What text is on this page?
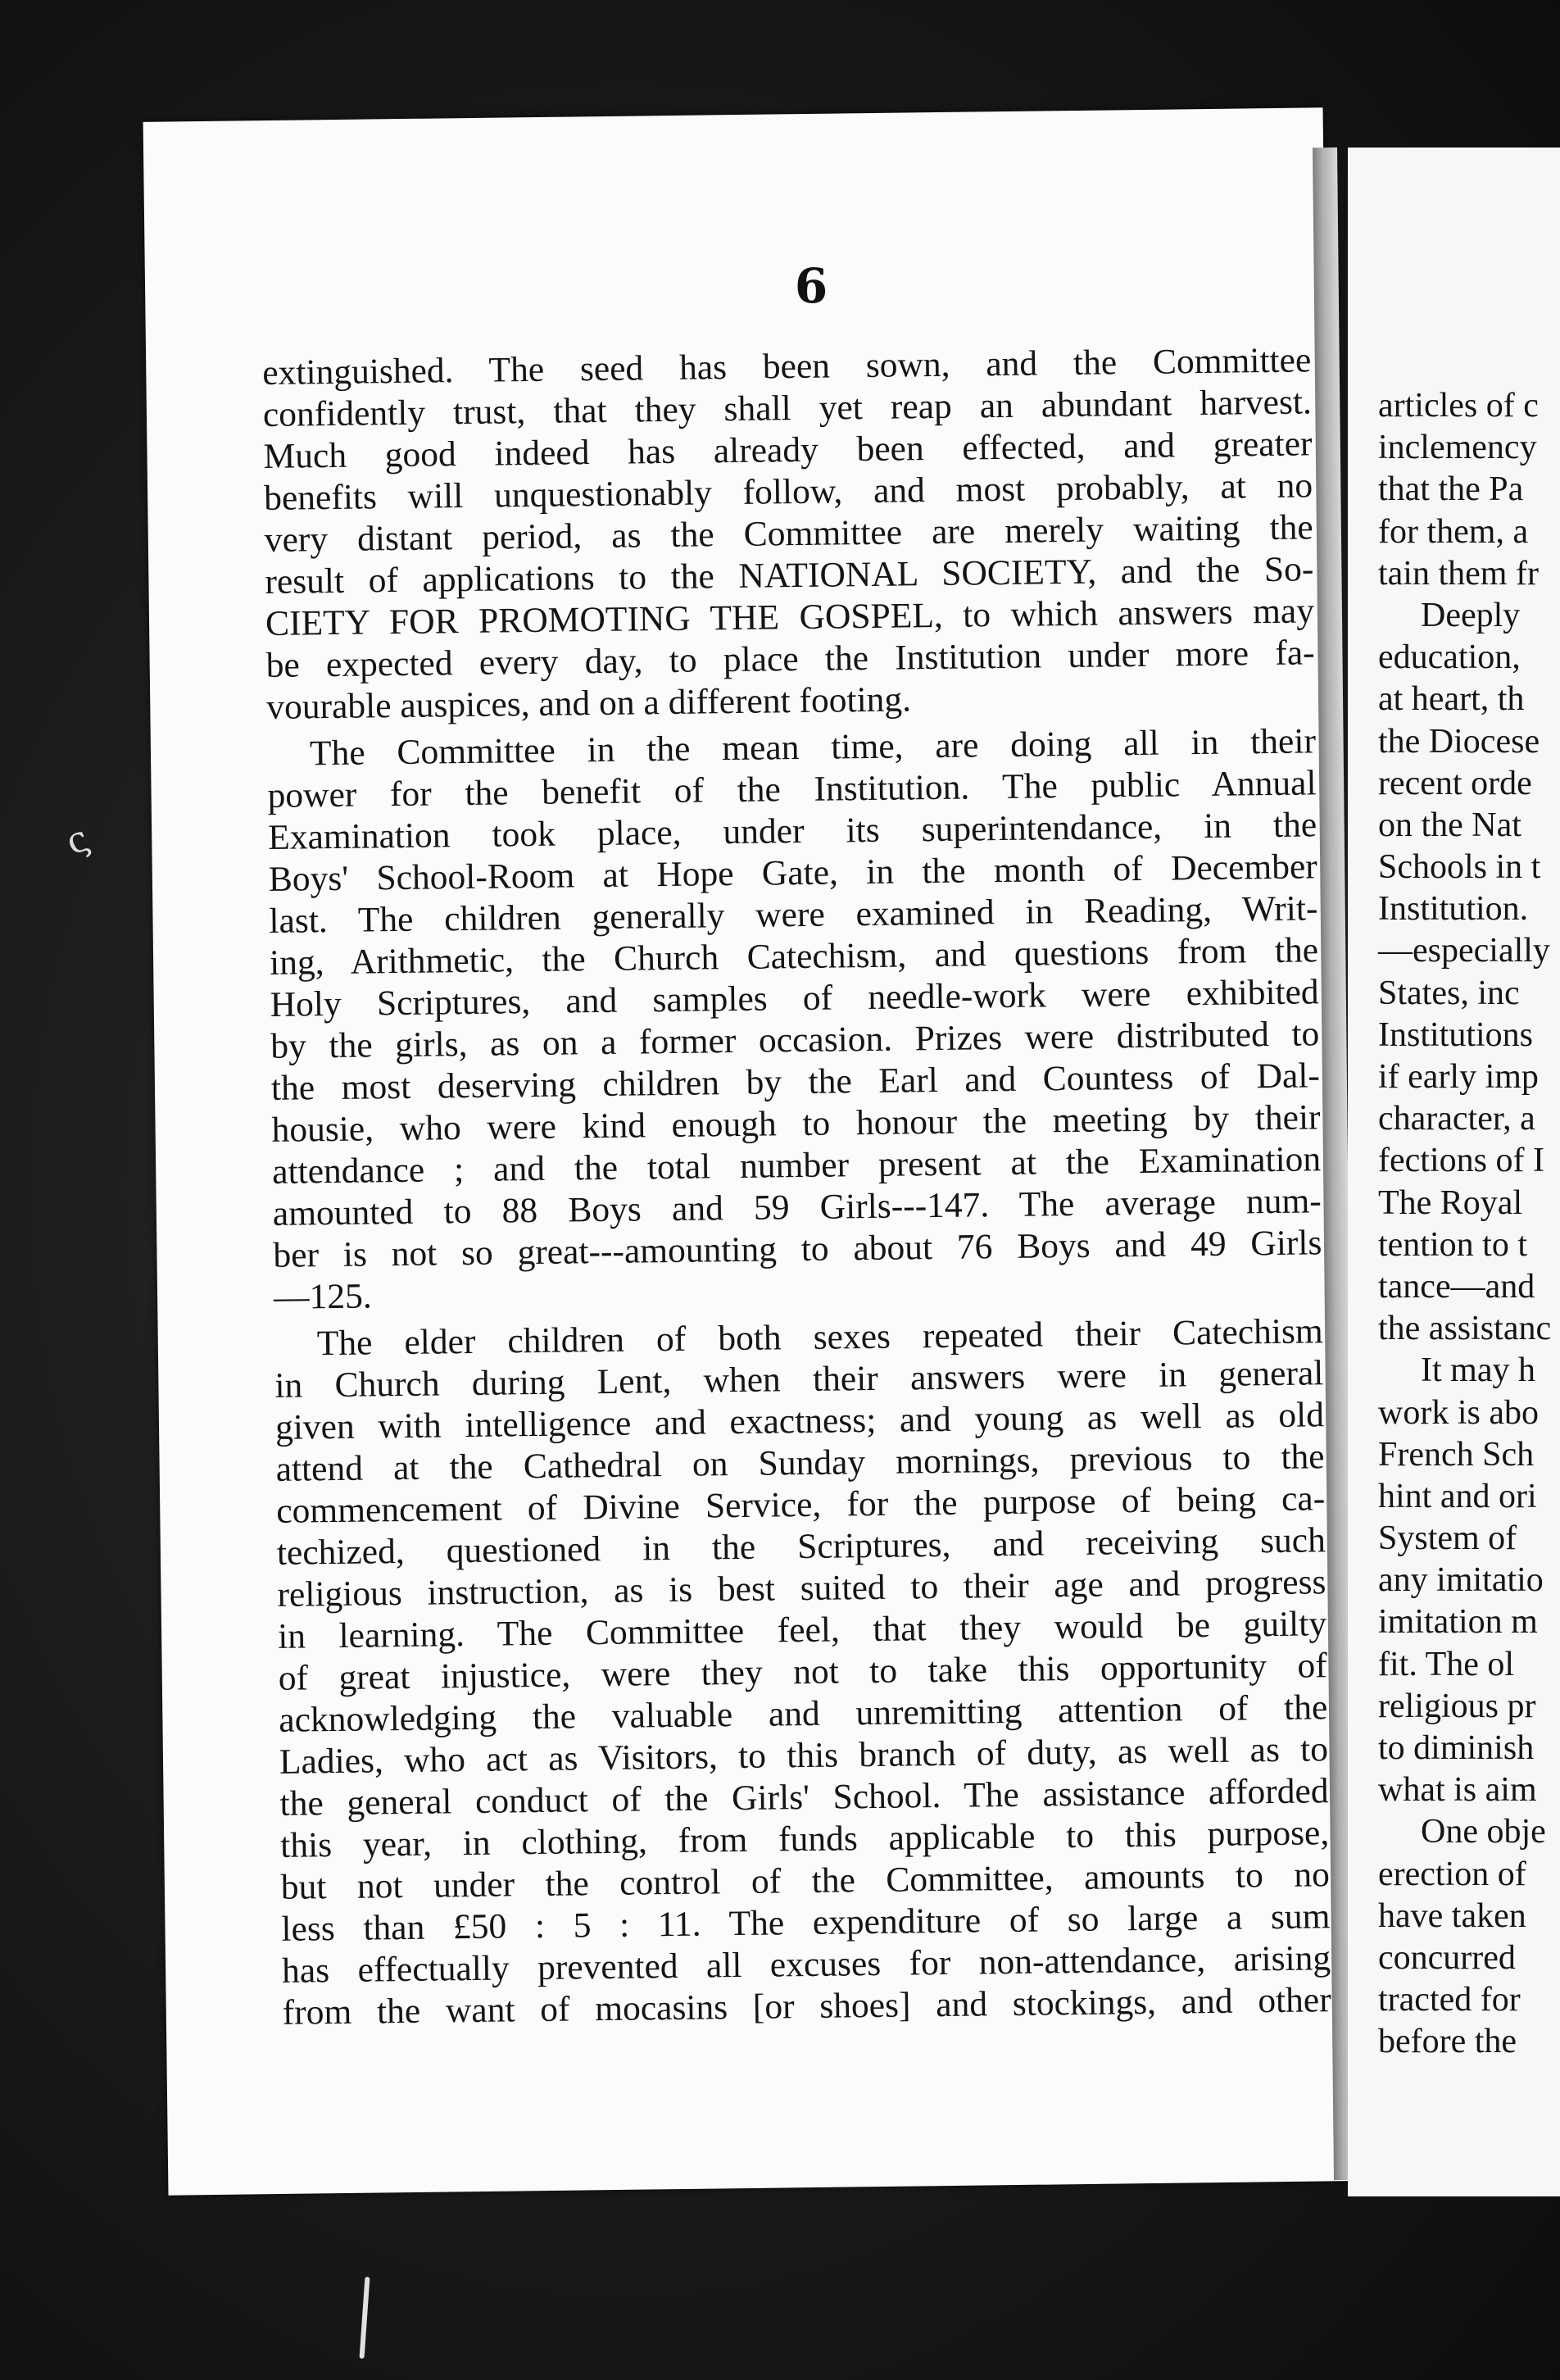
ς
6
extinguished. The seed has been sown, and the Committee
confidently trust, that they shall yet reap an abundant harvest.
Much good indeed has already been effected, and greater
benefits will unquestionably follow, and most probably, at no
very distant period, as the Committee are merely waiting the
result of applications to the NATIONAL SOCIETY, and the So-
CIETY FOR PROMOTING THE GOSPEL, to which answers may
be expected every day, to place the Institution under more fa-
vourable auspices, and on a different footing.
The Committee in the mean time, are doing all in their
power for the benefit of the Institution. The public Annual
Examination took place, under its superintendance, in the
Boys' School-Room at Hope Gate, in the month of December
last. The children generally were examined in Reading, Writ-
ing, Arithmetic, the Church Catechism, and questions from the
Holy Scriptures, and samples of needle-work were exhibited
by the girls, as on a former occasion. Prizes were distributed to
the most deserving children by the Earl and Countess of Dal-
housie, who were kind enough to honour the meeting by their
attendance ; and the total number present at the Examination
amounted to 88 Boys and 59 Girls---147. The average num-
ber is not so great---amounting to about 76 Boys and 49 Girls
—125.
The elder children of both sexes repeated their Catechism
in Church during Lent, when their answers were in general
given with intelligence and exactness; and young as well as old
attend at the Cathedral on Sunday mornings, previous to the
commencement of Divine Service, for the purpose of being ca-
techized, questioned in the Scriptures, and receiving such
religious instruction, as is best suited to their age and progress
in learning. The Committee feel, that they would be guilty
of great injustice, were they not to take this opportunity of
acknowledging the valuable and unremitting attention of the
Ladies, who act as Visitors, to this branch of duty, as well as to
the general conduct of the Girls' School. The assistance afforded
this year, in clothing, from funds applicable to this purpose,
but not under the control of the Committee, amounts to no
less than £50 : 5 : 11. The expenditure of so large a sum
has effectually prevented all excuses for non-attendance, arising
from the want of mocasins [or shoes] and stockings, and other
articles of c
inclemency
that the Pa
for them, a
tain them fr
Deeply
education,
at heart, th
the Diocese
recent orde
on the Nat
Schools in t
Institution.
—especially
States, inc
Institutions
if early imp
character, a
fections of I
The Royal
tention to t
tance—and
the assistanc
It may h
work is abo
French Sch
hint and ori
System of
any imitatio
imitation m
fit. The ol
religious pr
to diminish
what is aim
One obje
erection of
have taken
concurred
tracted for
before the
